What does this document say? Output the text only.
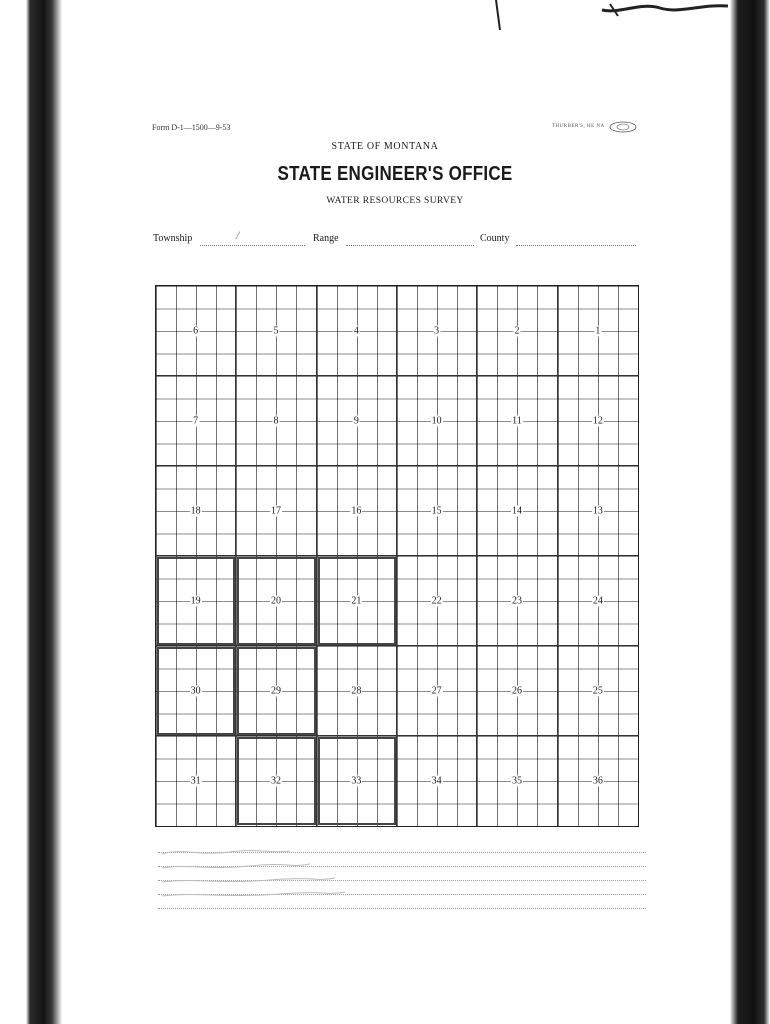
Form D-1—1500—9-53	THURBER'S, HE NA
STATE OF MONTANA
STATE ENGINEER'S OFFICE
WATER RESOURCES SURVEY
Township	/	Range	County
6	5	4	3	2	1
7	8	9	10	11	12
18	17	16	15	14	13
19	20	21	22	23	24
30	29	28	27	26	25
31	32	33	34	35	36
